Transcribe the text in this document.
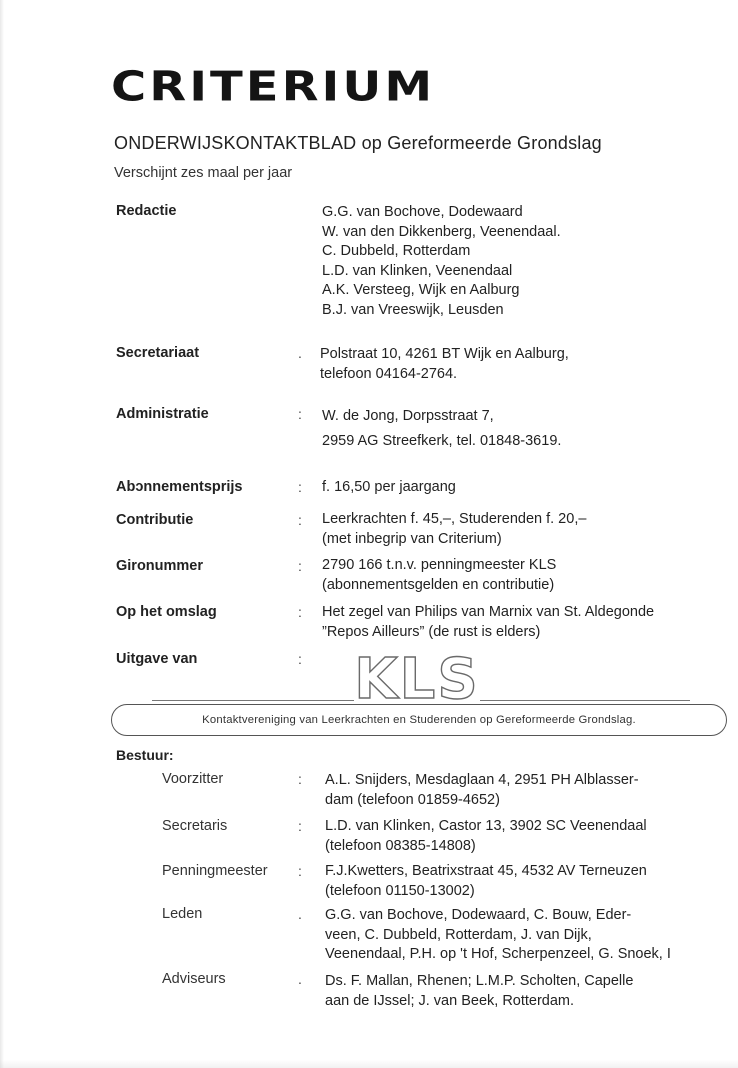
CRITERIUM
ONDERWIJSKONTAKTBLAD op Gereformeerde Grondslag
Verschijnt zes maal per jaar
Redactie	G.G. van Bochove, Dodewaard
W. van den Dikkenberg, Veenendaal.
C. Dubbeld, Rotterdam
L.D. van Klinken, Veenendaal
A.K. Versteeg, Wijk en Aalburg
B.J. van Vreeswijk, Leusden
Secretariaat	. Polstraat 10, 4261 BT Wijk en Aalburg,
telefoon 04164-2764.
Administratie	: W. de Jong, Dorpsstraat 7,
2959 AG Streefkerk, tel. 01848-3619.
Abɔnnementsprijs	: f. 16,50 per jaargang
Contributie	: Leerkrachten f. 45,–, Studerenden f. 20,–
(met inbegrip van Criterium)
Gironummer	: 2790 166 t.n.v. penningmeester KLS
(abonnementsgelden en contributie)
Op het omslag	: Het zegel van Philips van Marnix van St. Aldegonde
”Repos Ailleurs” (de rust is elders)
Uitgave van	: KLS
Kontaktvereniging van Leerkrachten en Studerenden op Gereformeerde Grondslag.
Bestuur:
Voorzitter	: A.L. Snijders, Mesdaglaan 4, 2951 PH Alblasser-
dam (telefoon 01859-4652)
Secretaris	: L.D. van Klinken, Castor 13, 3902 SC Veenendaal
(telefoon 08385-14808)
Penningmeester : F.J.Kwetters, Beatrixstraat 45, 4532 AV Terneuzen
(telefoon 01150-13002)
Leden	. G.G. van Bochove, Dodewaard, C. Bouw, Eder-
veen, C. Dubbeld, Rotterdam, J. van Dijk,
Veenendaal, P.H. op 't Hof, Scherpenzeel, G. Snoek, I
Adviseurs	. Ds. F. Mallan, Rhenen; L.M.P. Scholten, Capelle
aan de IJssel; J. van Beek, Rotterdam.
